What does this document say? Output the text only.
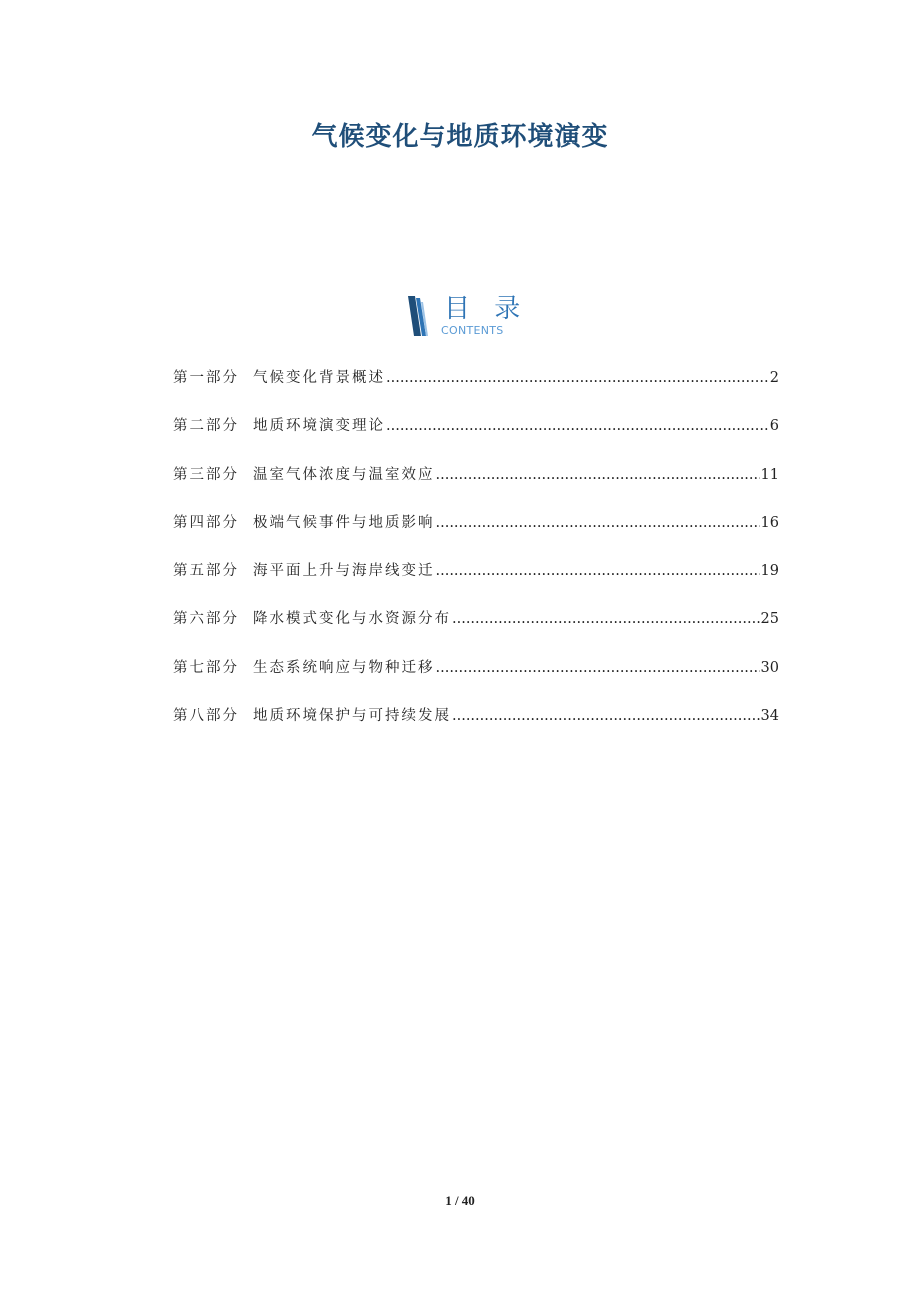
气候变化与地质环境演变
目 录
CONTENTS
第一部分 气候变化背景概述 .....	2
第二部分 地质环境演变理论 .....	6
第三部分 温室气体浓度与温室效应 .....	11
第四部分 极端气候事件与地质影响 .....	16
第五部分 海平面上升与海岸线变迁 .....	19
第六部分 降水模式变化与水资源分布 .....	25
第七部分 生态系统响应与物种迁移 .....	30
第八部分 地质环境保护与可持续发展 .....	34
1 / 40
